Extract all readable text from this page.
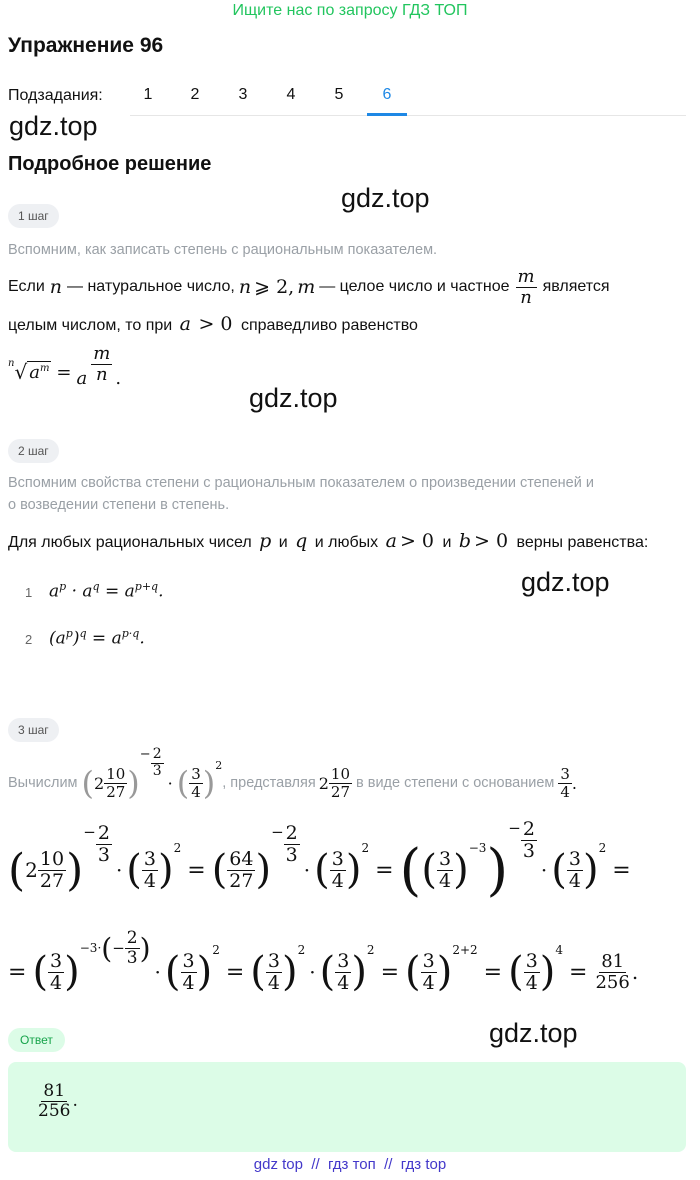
Ищите нас по запросу ГДЗ ТОП
Упражнение 96
Подзадания:	1	2	3	4	5	6
gdz.top
gdz.top
gdz.top
gdz.top
gdz.top
Подробное решение
1 шаг
Вспомним, как записать степень с рациональным показателем.
Если n — натуральное число, n ⩾ 2, m — целое число и частное $\frac{m}{n}$ является
целым числом, то при a > 0 справедливо равенство
n √ $a^m = a \frac{m}{n}$ .
2 шаг
Вспомним свойства степени с рациональным показателем о произведении степеней и
о возведении степени в степень.
Для любых рациональных чисел p и q и любых a > 0 и b > 0 верны равенства:
1 $a^p \cdot a^q = a^{p+q}$.
2 $(a^p)^q = a^{p\cdot q}$.
3 шаг
Вычислим ( $2 \frac{10}{27}$ )
− $\frac{2}{3}$
· ( $\frac{3}{4}$ ) 2
, представляя $2 \frac{10}{27}$ в виде степени с основанием $\frac{3}{4}$ .
( $2 \frac{10}{27}$ )
− $\frac{2}{3}$
· ( $\frac{3}{4}$ ) 2
= ( $\frac{64}{27}$ )
− $\frac{2}{3}$
· ( $\frac{3}{4}$ ) 2
= ( ( $\frac{3}{4}$ ) −3 )
− $\frac{2}{3}$
· ( $\frac{3}{4}$ ) 2
=
= ( $\frac{3}{4}$ )
−3· ( − $\frac{2}{3}$ )
· ( $\frac{3}{4}$ ) 2
= ( $\frac{3}{4}$ ) 2
· ( $\frac{3}{4}$ ) 2
= ( $\frac{3}{4}$ ) 2+2
= ( $\frac{3}{4}$ ) 4
= $\frac{81}{256}$ .
Ответ
$\frac{81}{256}$ .
gdz top  //  гдз топ  //  гдз top
